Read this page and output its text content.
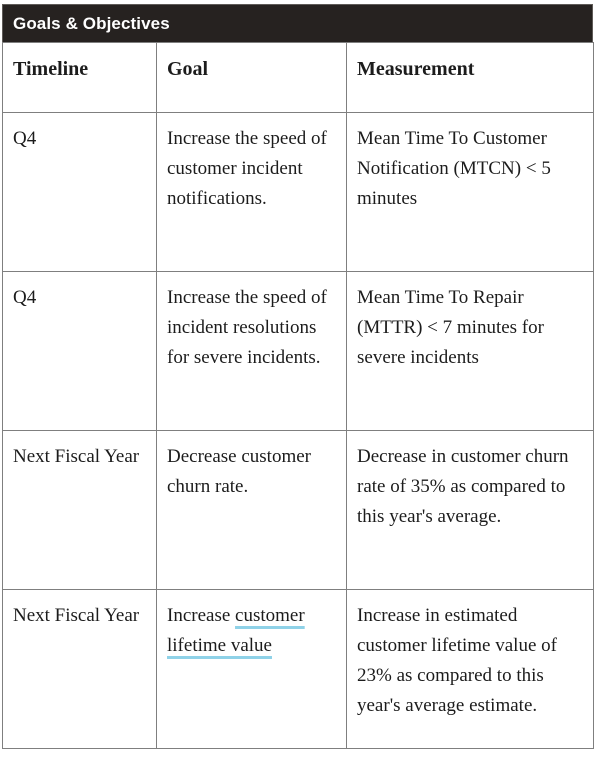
Goals & Objectives
Timeline	Goal	Measurement
Q4	Increase the speed of customer incident notifications.	Mean Time To Customer Notification (MTCN) < 5 minutes
Q4	Increase the speed of incident resolutions for severe incidents.	Mean Time To Repair (MTTR) < 7 minutes for severe incidents
Next Fiscal Year	Decrease customer churn rate.	Decrease in customer churn rate of 35% as compared to this year's average.
Next Fiscal Year	Increase customer lifetime value	Increase in estimated customer lifetime value of 23% as compared to this year's average estimate.
